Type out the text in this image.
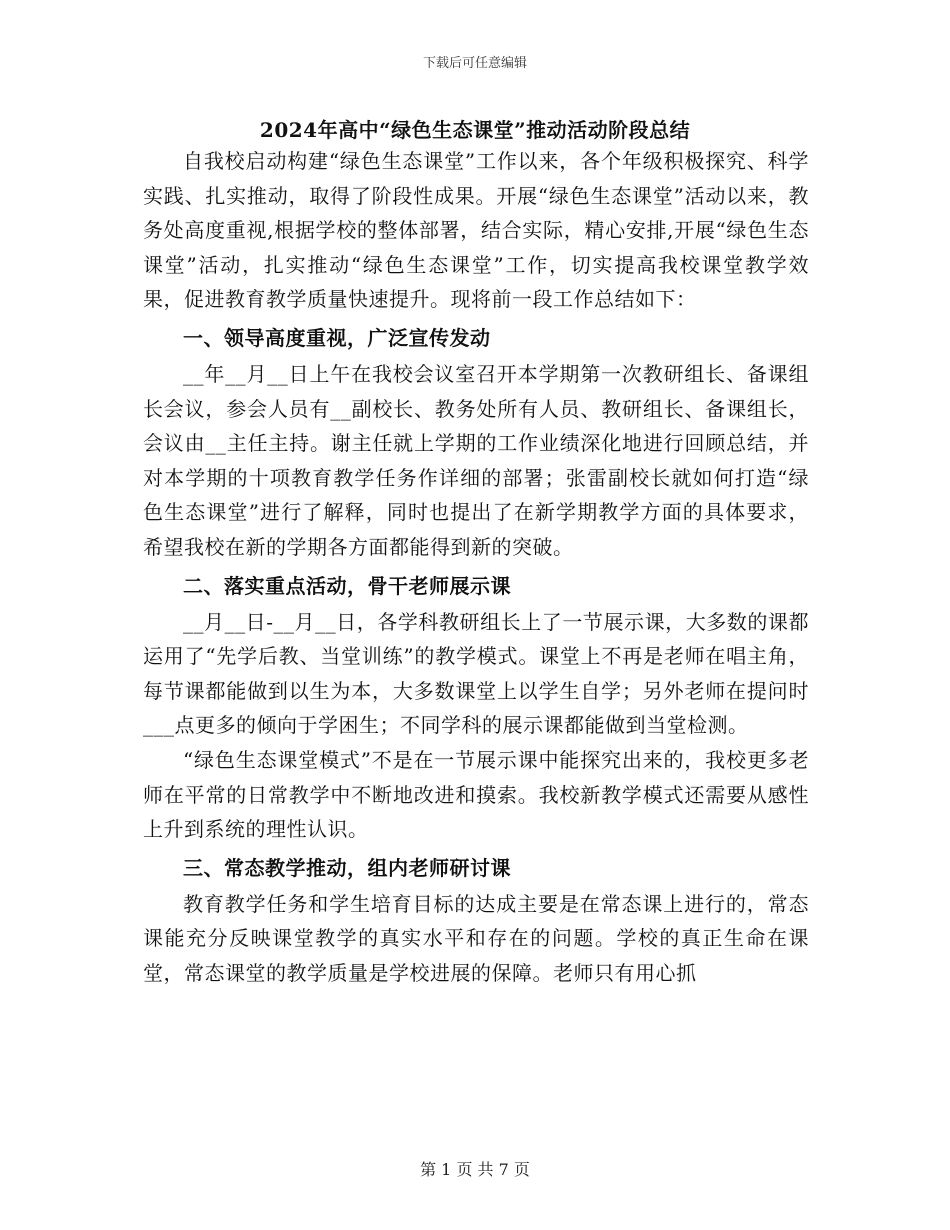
下载后可任意编辑
2024年高中“绿色生态课堂”推动活动阶段总结

自我校启动构建“绿色生态课堂”工作以来，各个年级积极探究、科学实践、扎实推动，取得了阶段性成果。开展“绿色生态课堂”活动以来，教务处高度重视,根据学校的整体部署，结合实际，精心安排,开展“绿色生态课堂”活动，扎实推动“绿色生态课堂”工作，切实提高我校课堂教学效果，促进教育教学质量快速提升。现将前一段工作总结如下：

一、领导高度重视，广泛宣传发动

__年__月__日上午在我校会议室召开本学期第一次教研组长、备课组长会议，参会人员有__副校长、教务处所有人员、教研组长、备课组长，会议由__主任主持。谢主任就上学期的工作业绩深化地进行回顾总结，并对本学期的十项教育教学任务作详细的部署；张雷副校长就如何打造“绿色生态课堂”进行了解释，同时也提出了在新学期教学方面的具体要求，希望我校在新的学期各方面都能得到新的突破。

二、落实重点活动，骨干老师展示课

__月__日-__月__日，各学科教研组长上了一节展示课，大多数的课都运用了“先学后教、当堂训练”的教学模式。课堂上不再是老师在唱主角，每节课都能做到以生为本，大多数课堂上以学生自学；另外老师在提问时___点更多的倾向于学困生；不同学科的展示课都能做到当堂检测。

“绿色生态课堂模式”不是在一节展示课中能探究出来的，我校更多老师在平常的日常教学中不断地改进和摸索。我校新教学模式还需要从感性上升到系统的理性认识。

三、常态教学推动，组内老师研讨课

教育教学任务和学生培育目标的达成主要是在常态课上进行的，常态课能充分反映课堂教学的真实水平和存在的问题。学校的真正生命在课堂，常态课堂的教学质量是学校进展的保障。老师只有用心抓

第 1 页 共 7 页
